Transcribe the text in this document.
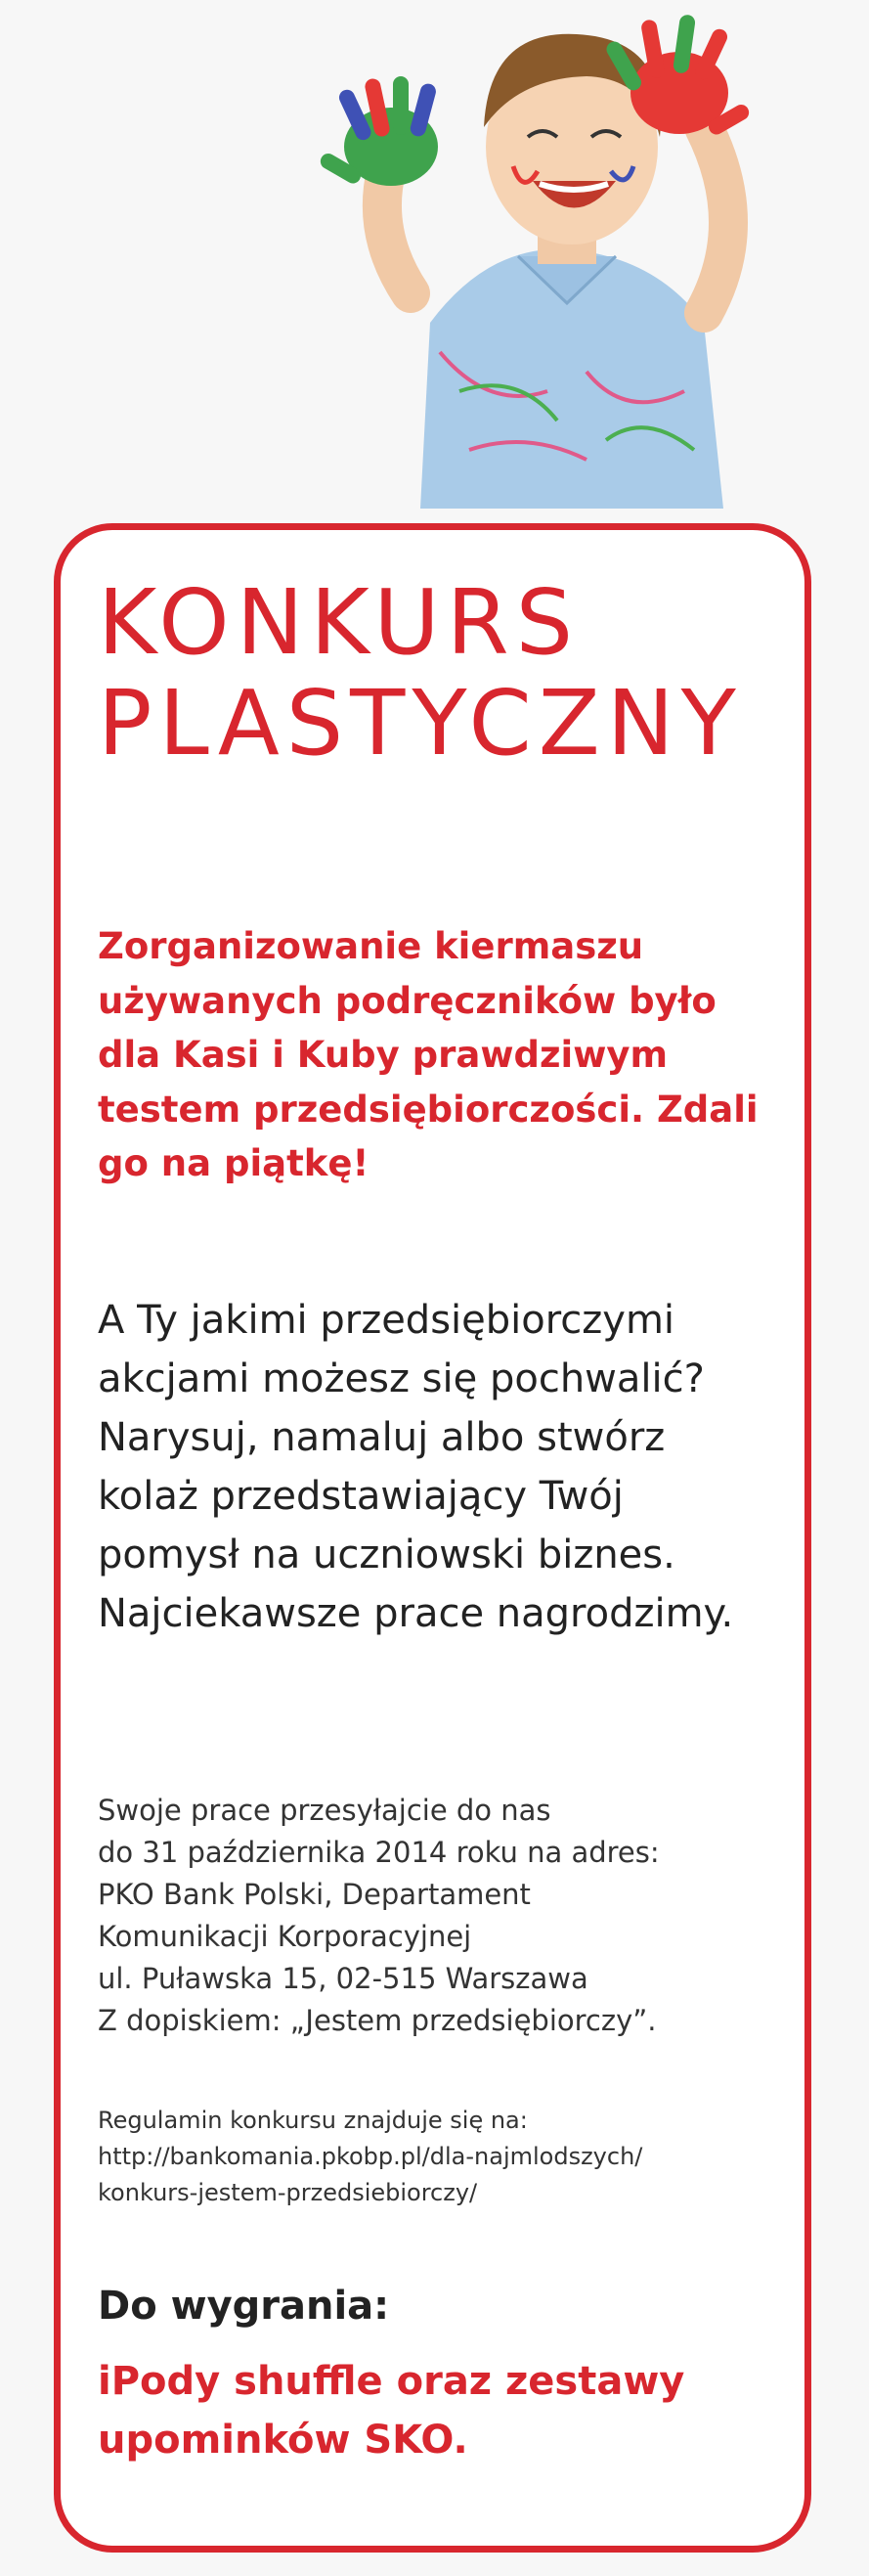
KONKURS
PLASTYCZNY

Zorganizowanie kiermaszu używanych podręczników było dla Kasi i Kuby prawdziwym testem przedsiębiorczości. Zdali go na piątkę!

A Ty jakimi przedsiębiorczymi akcjami możesz się pochwalić? Narysuj, namaluj albo stwórz kolaż przedstawiający Twój pomysł na uczniowski biznes. Najciekawsze prace nagrodzimy.

Swoje prace przesyłajcie do nas
do 31 października 2014 roku na adres:
PKO Bank Polski, Departament
Komunikacji Korporacyjnej
ul. Puławska 15, 02-515 Warszawa
Z dopiskiem: „Jestem przedsiębiorczy”.

Regulamin konkursu znajduje się na:
http://bankomania.pkobp.pl/dla-najmlodszych/
konkurs-jestem-przedsiebiorczy/

Do wygrania:

iPody shuffle oraz zestawy upominków SKO.
